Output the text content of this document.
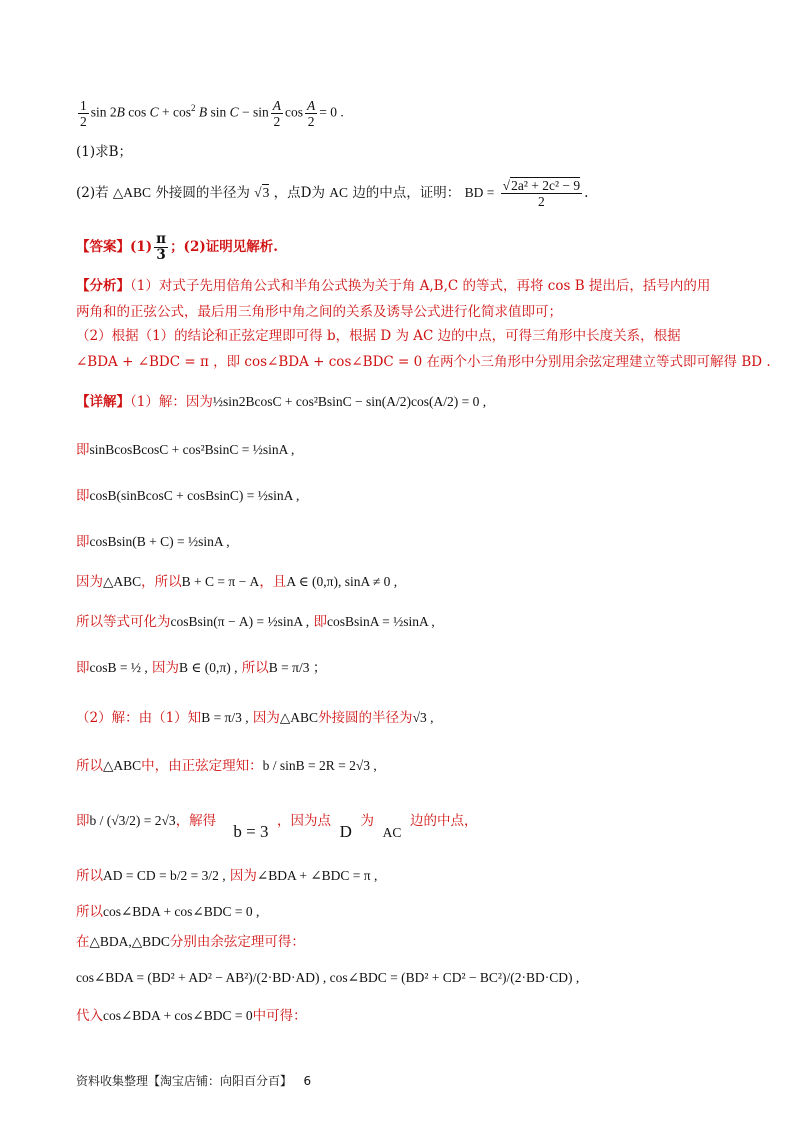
$\frac{1}{2}$ sin 2B $\cos C + \cos^2 B$ $\sin C - \sin \frac{A}{2}$ $\cos \frac{A}{2} = 0$ .
(1)求B；
(2)若 △ABC 外接圆的半径为 √3 ，点D为 AC 边的中点，证明： BD = $\frac{\text{√2a² + 2c² − 9}}{2}$ .
【答案】$(1) \frac{\pi}{3}$ ；(2)证明见解析.
【分析】（1）对式子先用倍角公式和半角公式换为关于角 A,B,C 的等式，再将 cos B 提出后，括号内的用
两角和的正弦公式，最后用三角形中角之间的关系及诱导公式进行化简求值即可；
（2）根据（1）的结论和正弦定理即可得 b，根据 D 为 AC 边的中点，可得三角形中长度关系，根据
∠BDA + ∠BDC = π ，即 cos∠BDA + cos∠BDC = 0 在两个小三角形中分别用余弦定理建立等式即可解得 BD .
【详解】（1）解：因为½sin2BcosC + cos²BsinC − sin(A/2)cos(A/2) = 0 ,
即sinBcosBcosC + cos²BsinC = ½sinA ,
即cosB(sinBcosC + cosBsinC) = ½sinA ,
即cosBsin(B + C) = ½sinA ,
因为△ABC，所以B + C = π − A，且A ∈ (0,π), sinA ≠ 0 ,
所以等式可化为cosBsin(π − A) = ½sinA , 即cosBsinA = ½sinA ,
即cosB = ½ , 因为B ∈ (0,π) , 所以B = π/3 ；
（2）解：由（1）知B = π/3 , 因为△ABC外接圆的半径为√3 ,
所以△ABC中，由正弦定理知：b / sinB = 2R = 2√3 ,
即b / (√3/2) = 2√3，解得    b = 3  ，因为点  D  为  AC  边的中点，
所以AD = CD = b/2 = 3/2 , 因为∠BDA + ∠BDC = π ,
所以cos∠BDA + cos∠BDC = 0 ,
在△BDA,△BDC分别由余弦定理可得：
cos∠BDA = (BD² + AD² − AB²)/(2·BD·AD) , cos∠BDC = (BD² + CD² − BC²)/(2·BD·CD) ,
代入cos∠BDA + cos∠BDC = 0中可得：
资料收集整理【淘宝店铺：向阳百分百】 6
